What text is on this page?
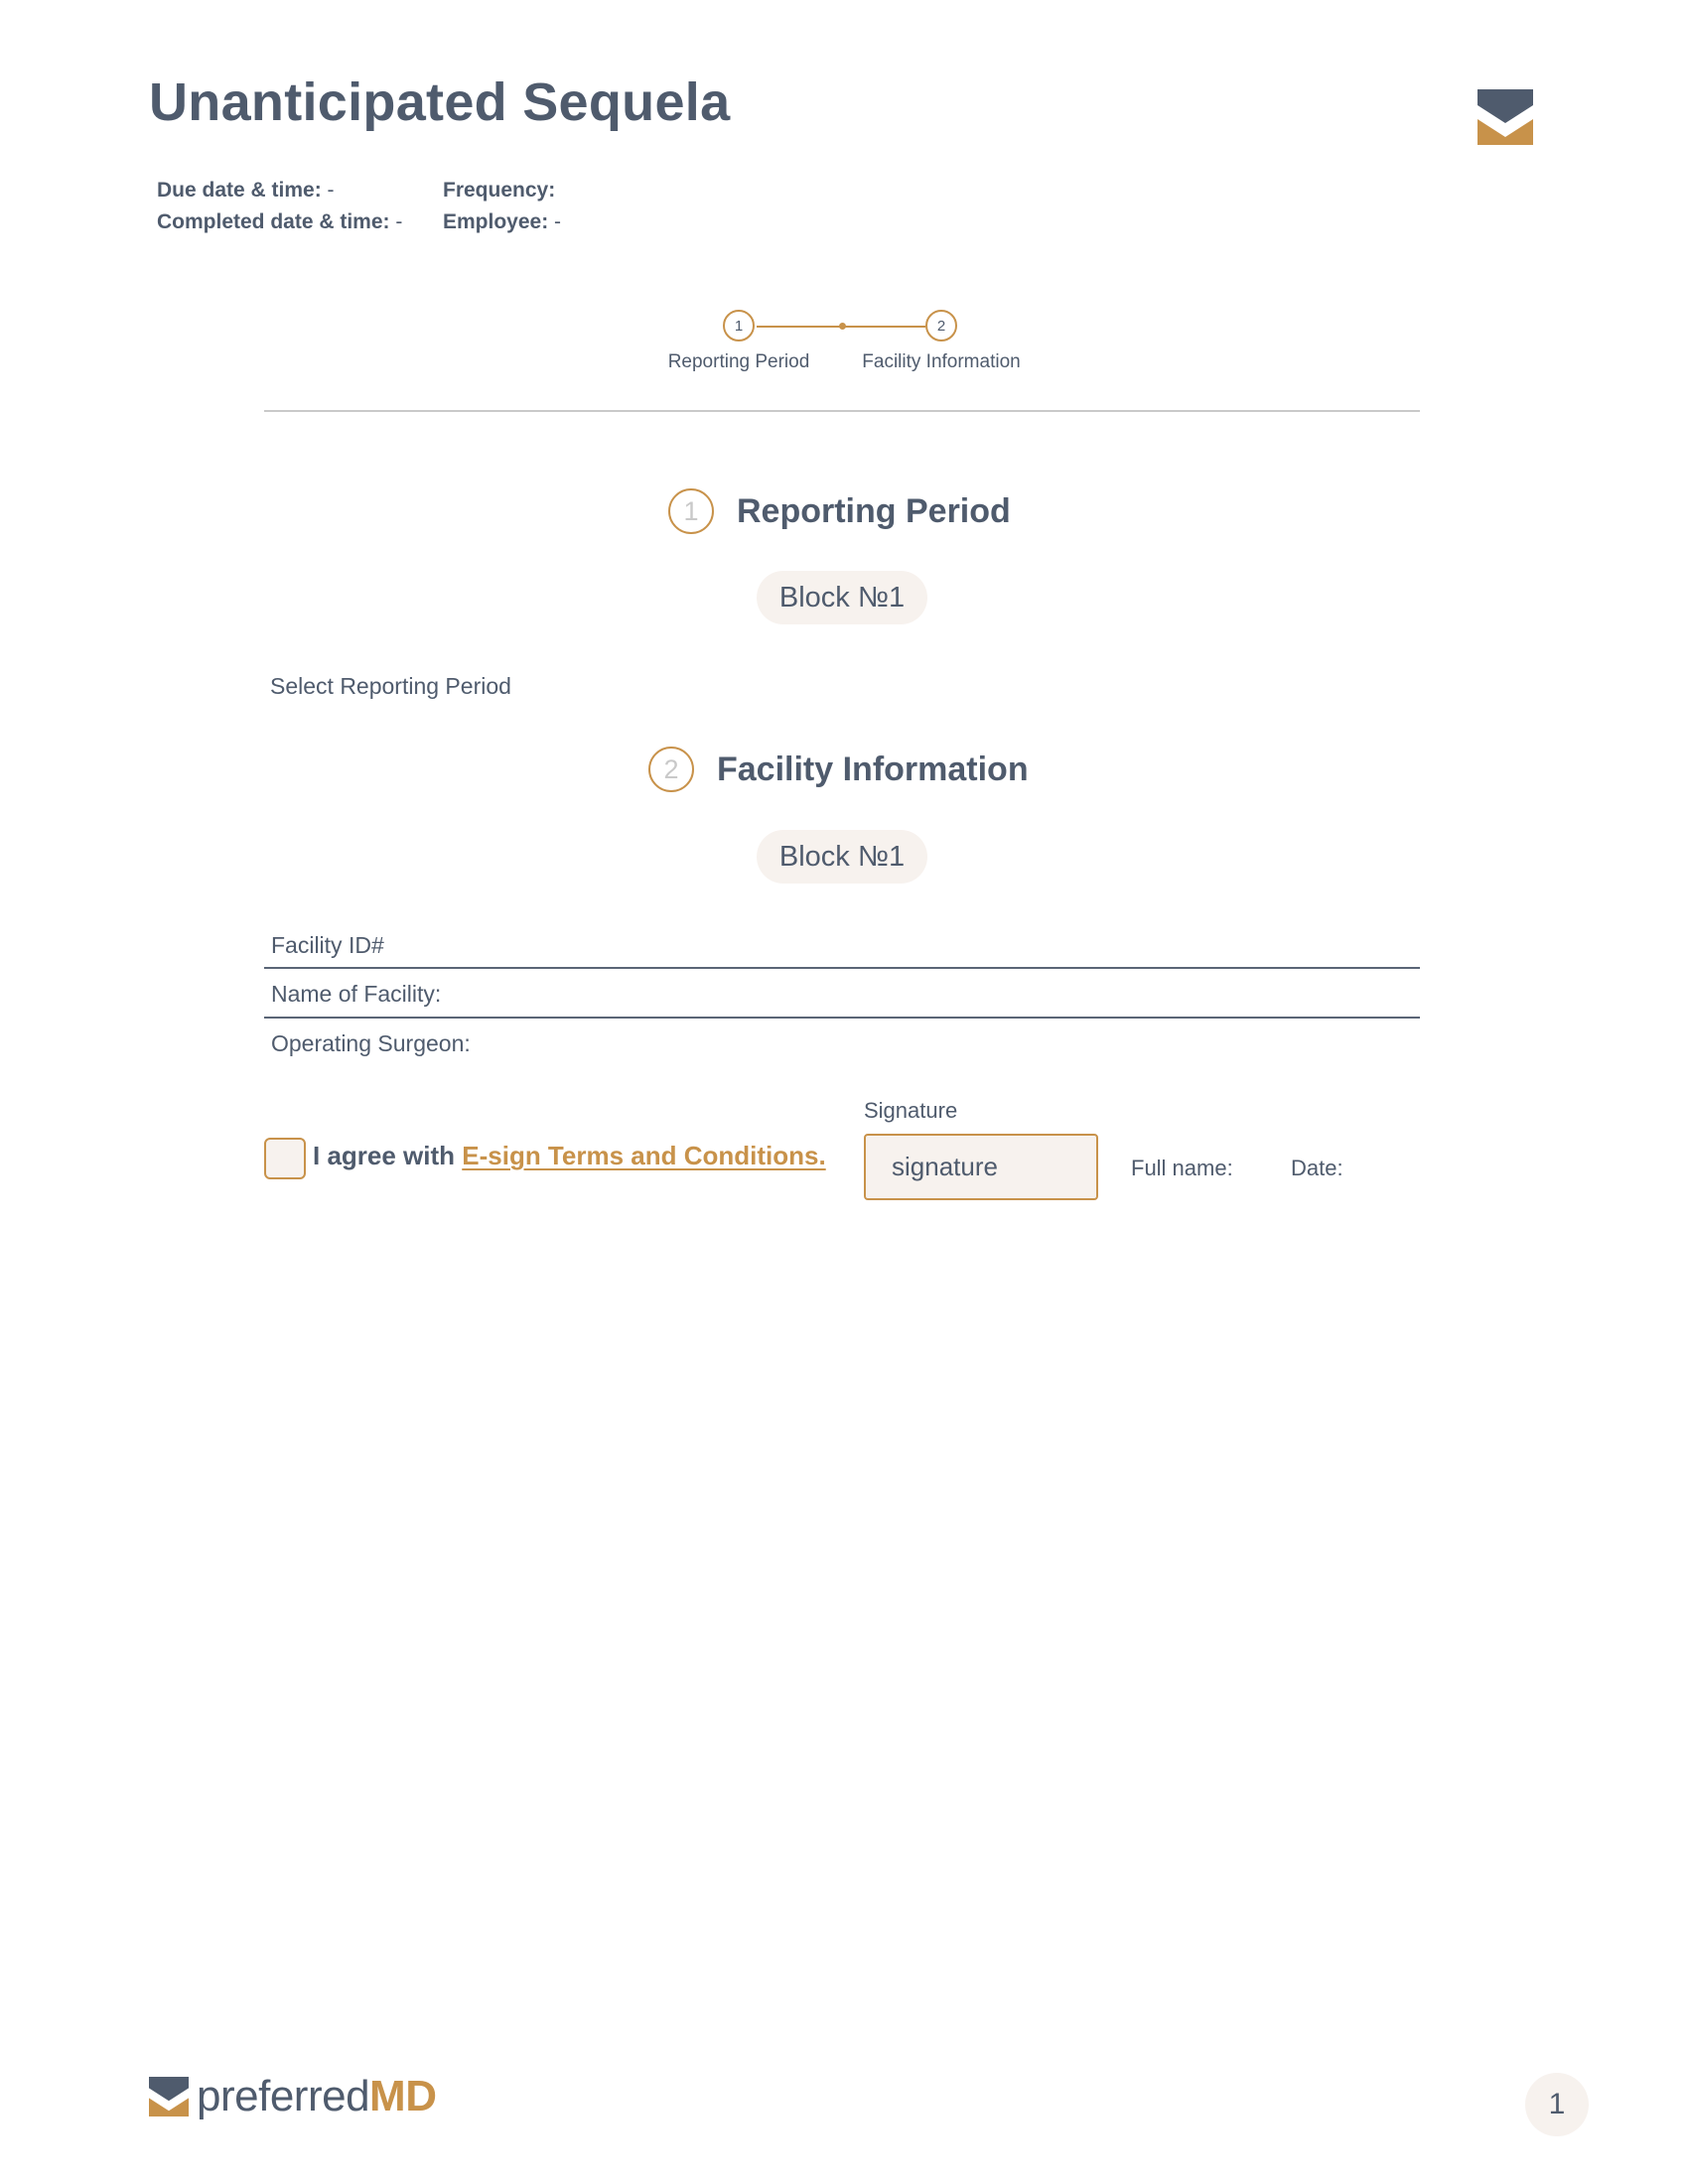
Unanticipated Sequela
Due date & time: -
Completed date & time: -
Frequency:
Employee: -
1	2
Reporting Period	Facility Information
1	Reporting Period
Block №1
Select Reporting Period
2	Facility Information
Block №1
Facility ID#
Name of Facility:
Operating Surgeon:
I agree with E-sign Terms and Conditions.
Signature
signature	Full name:	Date:
preferredMD	1
